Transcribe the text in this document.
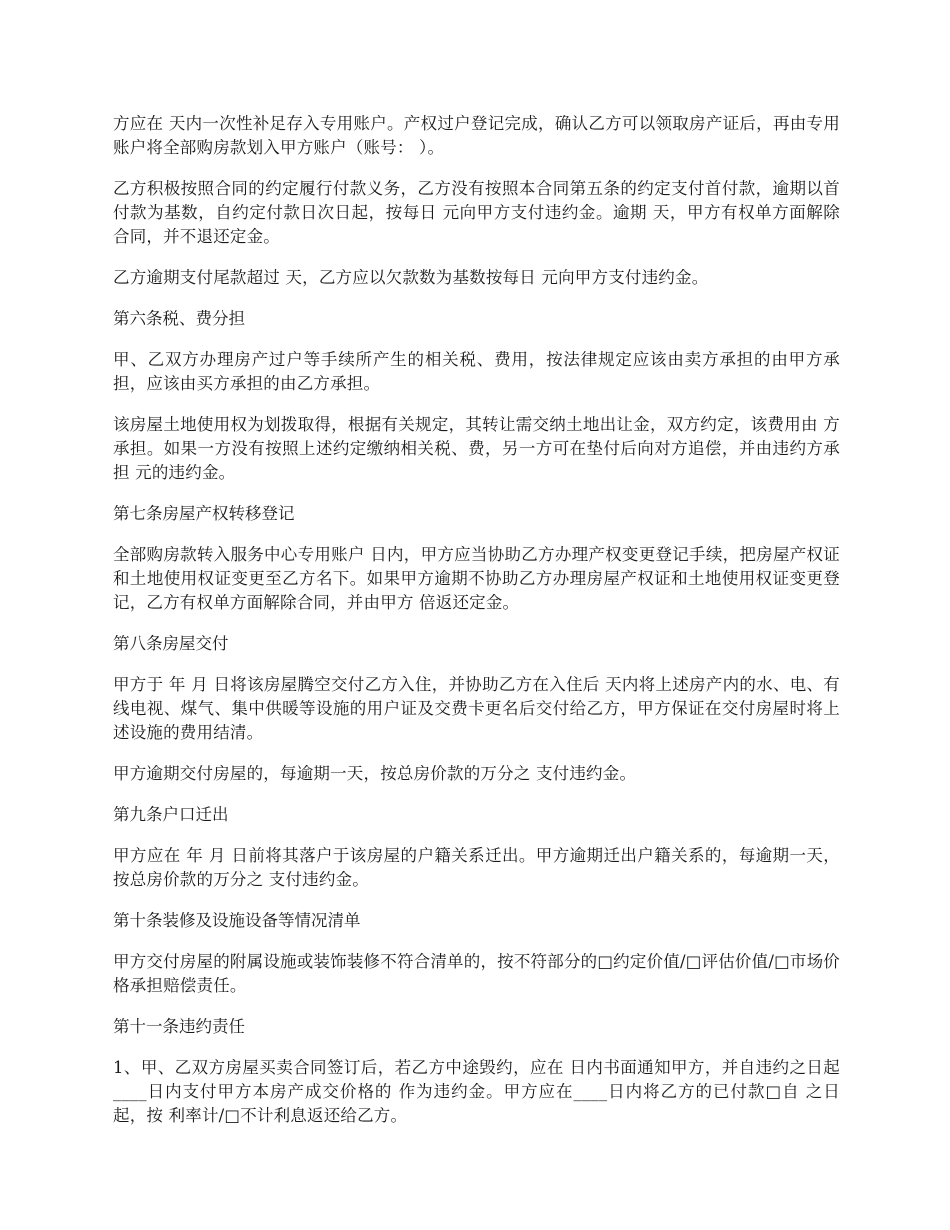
方应在 天内一次性补足存入专用账户。产权过户登记完成，确认乙方可以领取房产证后，再由专用账户将全部购房款划入甲方账户（账号： ）。

乙方积极按照合同的约定履行付款义务，乙方没有按照本合同第五条的约定支付首付款，逾期以首付款为基数，自约定付款日次日起，按每日 元向甲方支付违约金。逾期 天，甲方有权单方面解除合同，并不退还定金。

乙方逾期支付尾款超过 天，乙方应以欠款数为基数按每日 元向甲方支付违约金。

第六条税、费分担

甲、乙双方办理房产过户等手续所产生的相关税、费用，按法律规定应该由卖方承担的由甲方承担，应该由买方承担的由乙方承担。

该房屋土地使用权为划拨取得，根据有关规定，其转让需交纳土地出让金，双方约定，该费用由 方承担。如果一方没有按照上述约定缴纳相关税、费，另一方可在垫付后向对方追偿，并由违约方承担 元的违约金。

第七条房屋产权转移登记

全部购房款转入服务中心专用账户 日内，甲方应当协助乙方办理产权变更登记手续，把房屋产权证和土地使用权证变更至乙方名下。如果甲方逾期不协助乙方办理房屋产权证和土地使用权证变更登记，乙方有权单方面解除合同，并由甲方 倍返还定金。

第八条房屋交付

甲方于 年 月 日将该房屋腾空交付乙方入住，并协助乙方在入住后 天内将上述房产内的水、电、有线电视、煤气、集中供暖等设施的用户证及交费卡更名后交付给乙方，甲方保证在交付房屋时将上述设施的费用结清。

甲方逾期交付房屋的，每逾期一天，按总房价款的万分之 支付违约金。

第九条户口迁出

甲方应在 年 月 日前将其落户于该房屋的户籍关系迁出。甲方逾期迁出户籍关系的，每逾期一天，按总房价款的万分之 支付违约金。

第十条装修及设施设备等情况清单

甲方交付房屋的附属设施或装饰装修不符合清单的，按不符部分的□约定价值/□评估价值/□市场价格承担赔偿责任。

第十一条违约责任

1、甲、乙双方房屋买卖合同签订后，若乙方中途毁约，应在 日内书面通知甲方，并自违约之日起____日内支付甲方本房产成交价格的 作为违约金。甲方应在____日内将乙方的已付款□自 之日起，按 利率计/□不计利息返还给乙方。
